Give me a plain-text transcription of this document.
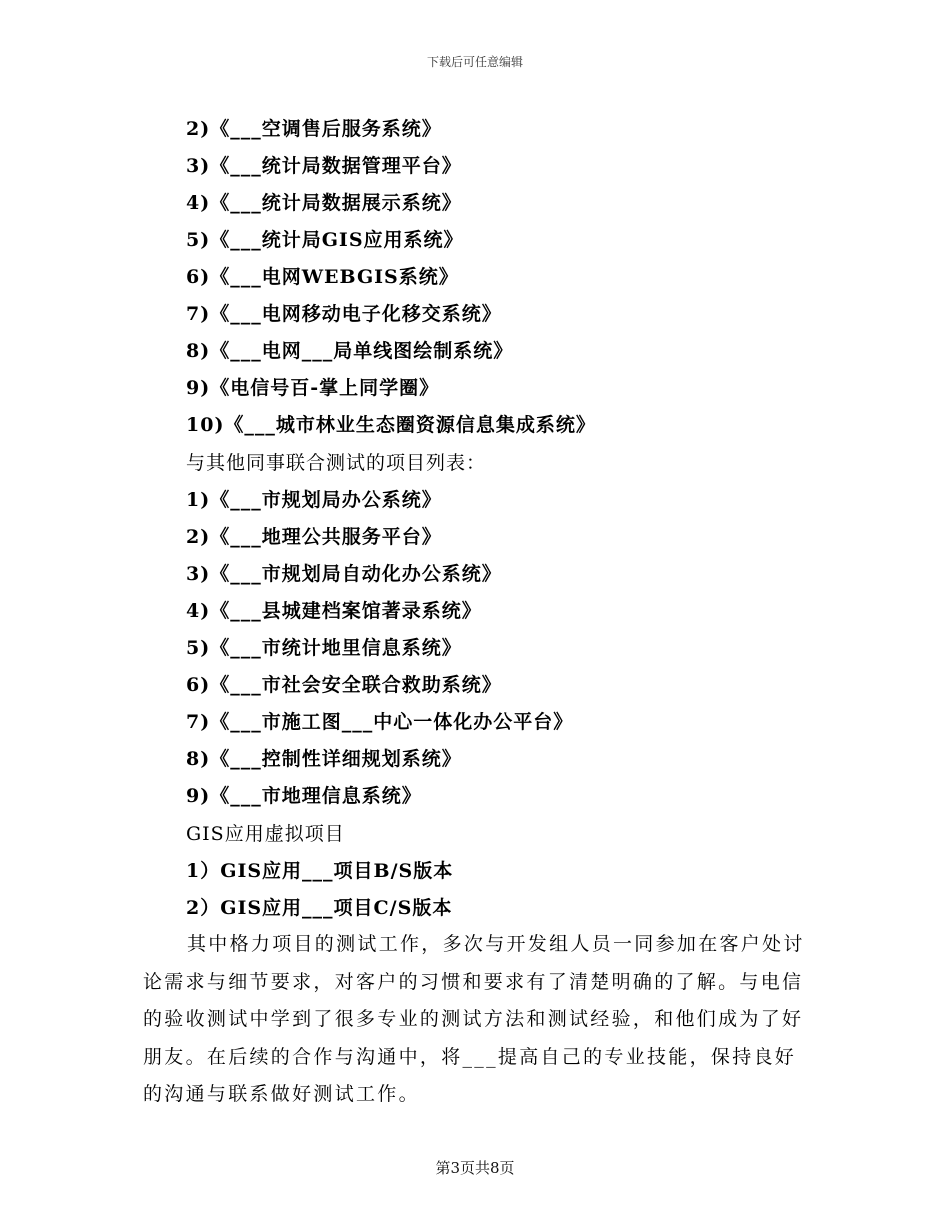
下载后可任意编辑
2)《___空调售后服务系统》
3)《___统计局数据管理平台》
4)《___统计局数据展示系统》
5)《___统计局GIS应用系统》
6)《___电网WEBGIS系统》
7)《___电网移动电子化移交系统》
8)《___电网___局单线图绘制系统》
9)《电信号百-掌上同学圈》
10)《___城市林业生态圈资源信息集成系统》
与其他同事联合测试的项目列表：
1)《___市规划局办公系统》
2)《___地理公共服务平台》
3)《___市规划局自动化办公系统》
4)《___县城建档案馆著录系统》
5)《___市统计地里信息系统》
6)《___市社会安全联合救助系统》
7)《___市施工图___中心一体化办公平台》
8)《___控制性详细规划系统》
9)《___市地理信息系统》
GIS应用虚拟项目
1）GIS应用___项目B/S版本
2）GIS应用___项目C/S版本
其中格力项目的测试工作，多次与开发组人员一同参加在客户处讨论需求与细节要求，对客户的习惯和要求有了清楚明确的了解。与电信的验收测试中学到了很多专业的测试方法和测试经验，和他们成为了好朋友。在后续的合作与沟通中，将___提高自己的专业技能，保持良好的沟通与联系做好测试工作。
第3页共8页
